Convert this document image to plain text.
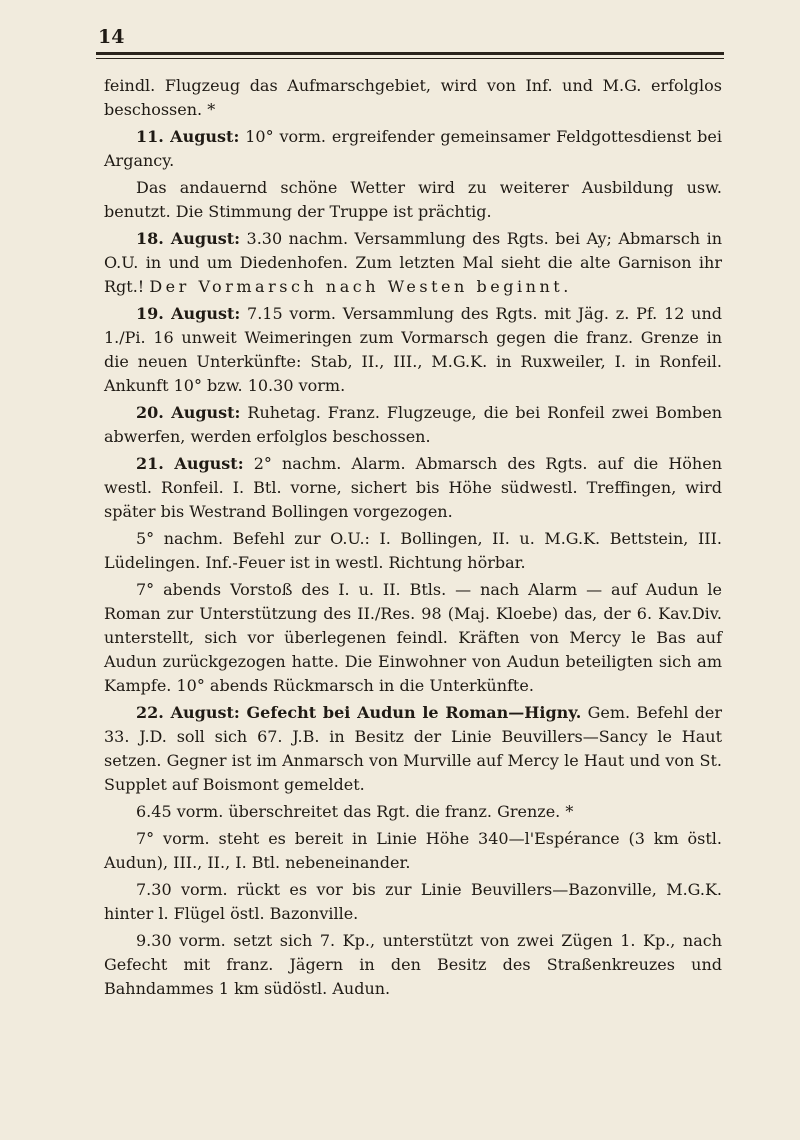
14

feindl. Flugzeug das Aufmarschgebiet, wird von Inf. und M.G. erfolglos beschossen. *

11. August: 10° vorm. ergreifender gemeinsamer Feldgottesdienst bei Argancy.

Das andauernd schöne Wetter wird zu weiterer Ausbildung usw. benutzt. Die Stimmung der Truppe ist prächtig.

18. August: 3.30 nachm. Versammlung des Rgts. bei Ay; Abmarsch in O.U. in und um Diedenhofen. Zum letzten Mal sieht die alte Garnison ihr Rgt.! Der Vormarsch nach Westen beginnt.

19. August: 7.15 vorm. Versammlung des Rgts. mit Jäg. z. Pf. 12 und 1./Pi. 16 unweit Weimeringen zum Vormarsch gegen die franz. Grenze in die neuen Unterkünfte: Stab, II., III., M.G.K. in Ruxweiler, I. in Ronfeil. Ankunft 10° bzw. 10.30 vorm.

20. August: Ruhetag. Franz. Flugzeuge, die bei Ronfeil zwei Bomben abwerfen, werden erfolglos beschossen.

21. August: 2° nachm. Alarm. Abmarsch des Rgts. auf die Höhen westl. Ronfeil. I. Btl. vorne, sichert bis Höhe südwestl. Treffingen, wird später bis Westrand Bollingen vorgezogen.

5° nachm. Befehl zur O.U.: I. Bollingen, II. u. M.G.K. Bettstein, III. Lüdelingen. Inf.-Feuer ist in westl. Richtung hörbar.

7° abends Vorstoß des I. u. II. Btls. — nach Alarm — auf Audun le Roman zur Unterstützung des II./Res. 98 (Maj. Kloebe) das, der 6. Kav.Div. unterstellt, sich vor überlegenen feindl. Kräften von Mercy le Bas auf Audun zurückgezogen hatte. Die Einwohner von Audun beteiligten sich am Kampfe. 10° abends Rückmarsch in die Unterkünfte.

22. August: Gefecht bei Audun le Roman—Higny. Gem. Befehl der 33. J.D. soll sich 67. J.B. in Besitz der Linie Beuvillers—Sancy le Haut setzen. Gegner ist im Anmarsch von Murville auf Mercy le Haut und von St. Supplet auf Boismont gemeldet.

6.45 vorm. überschreitet das Rgt. die franz. Grenze. *

7° vorm. steht es bereit in Linie Höhe 340—l'Espérance (3 km östl. Audun), III., II., I. Btl. nebeneinander.

7.30 vorm. rückt es vor bis zur Linie Beuvillers—Bazonville, M.G.K. hinter l. Flügel östl. Bazonville.

9.30 vorm. setzt sich 7. Kp., unterstützt von zwei Zügen 1. Kp., nach Gefecht mit franz. Jägern in den Besitz des Straßenkreuzes und Bahndammes 1 km südöstl. Audun.
